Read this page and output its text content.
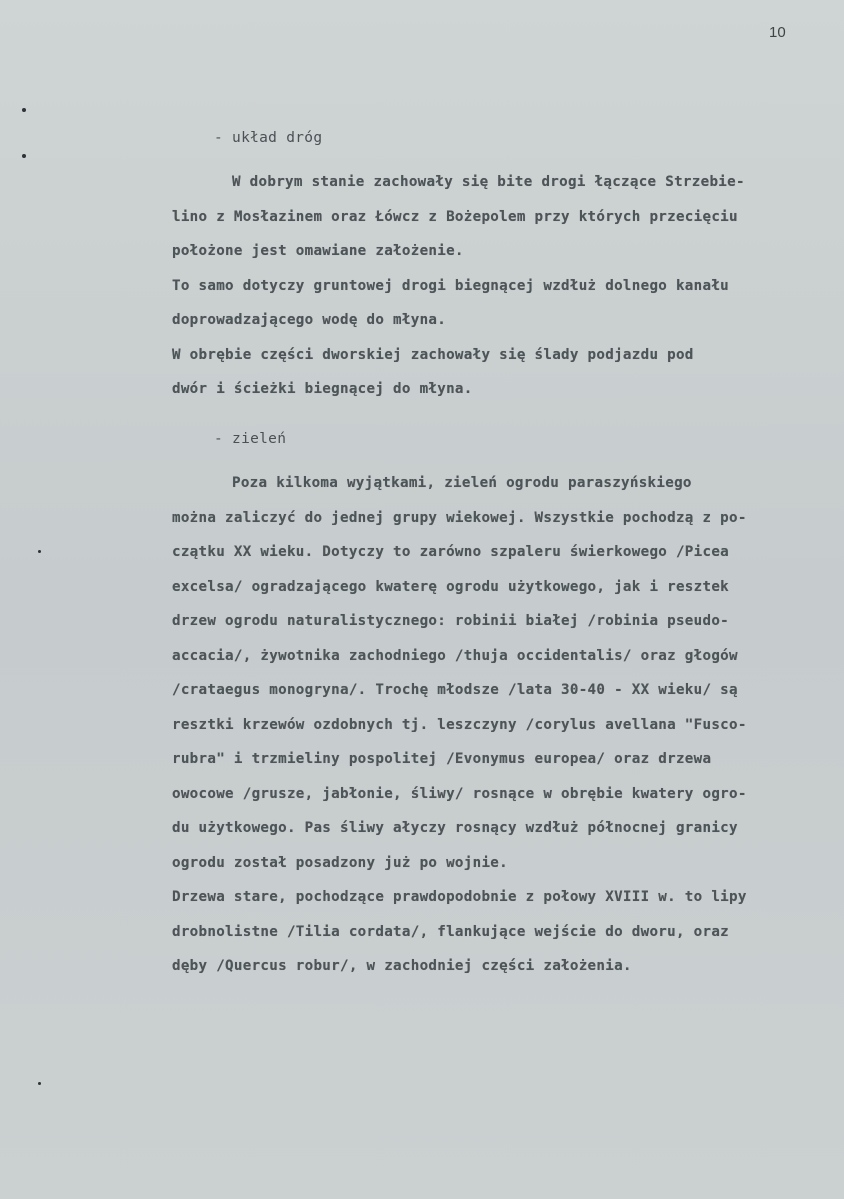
10
- układ dróg
W dobrym stanie zachowały się bite drogi łączące Strzebie-
lino z Mosłazinem oraz Łówcz z Bożepolem przy których przecięciu
położone jest omawiane założenie.
To samo dotyczy gruntowej drogi biegnącej wzdłuż dolnego kanału
doprowadzającego wodę do młyna.
W obrębie części dworskiej zachowały się ślady podjazdu pod
dwór i ścieżki biegnącej do młyna.
- zieleń
Poza kilkoma wyjątkami, zieleń ogrodu paraszyńskiego
można zaliczyć do jednej grupy wiekowej. Wszystkie pochodzą z po-
czątku XX wieku. Dotyczy to zarówno szpaleru świerkowego /Picea
excelsa/ ogradzającego kwaterę ogrodu użytkowego, jak i resztek
drzew ogrodu naturalistycznego: robinii białej /robinia pseudo-
accacia/, żywotnika zachodniego /thuja occidentalis/ oraz głogów
/crataegus monogryna/. Trochę młodsze /lata 30-40 - XX wieku/ są
resztki krzewów ozdobnych tj. leszczyny /corylus avellana "Fusco-
rubra" i trzmieliny pospolitej /Evonymus europea/ oraz drzewa
owocowe /grusze, jabłonie, śliwy/ rosnące w obrębie kwatery ogro-
du użytkowego. Pas śliwy ałyczy rosnący wzdłuż północnej granicy
ogrodu został posadzony już po wojnie.
Drzewa stare, pochodzące prawdopodobnie z połowy XVIII w. to lipy
drobnolistne /Tilia cordata/, flankujące wejście do dworu, oraz
dęby /Quercus robur/, w zachodniej części założenia.
